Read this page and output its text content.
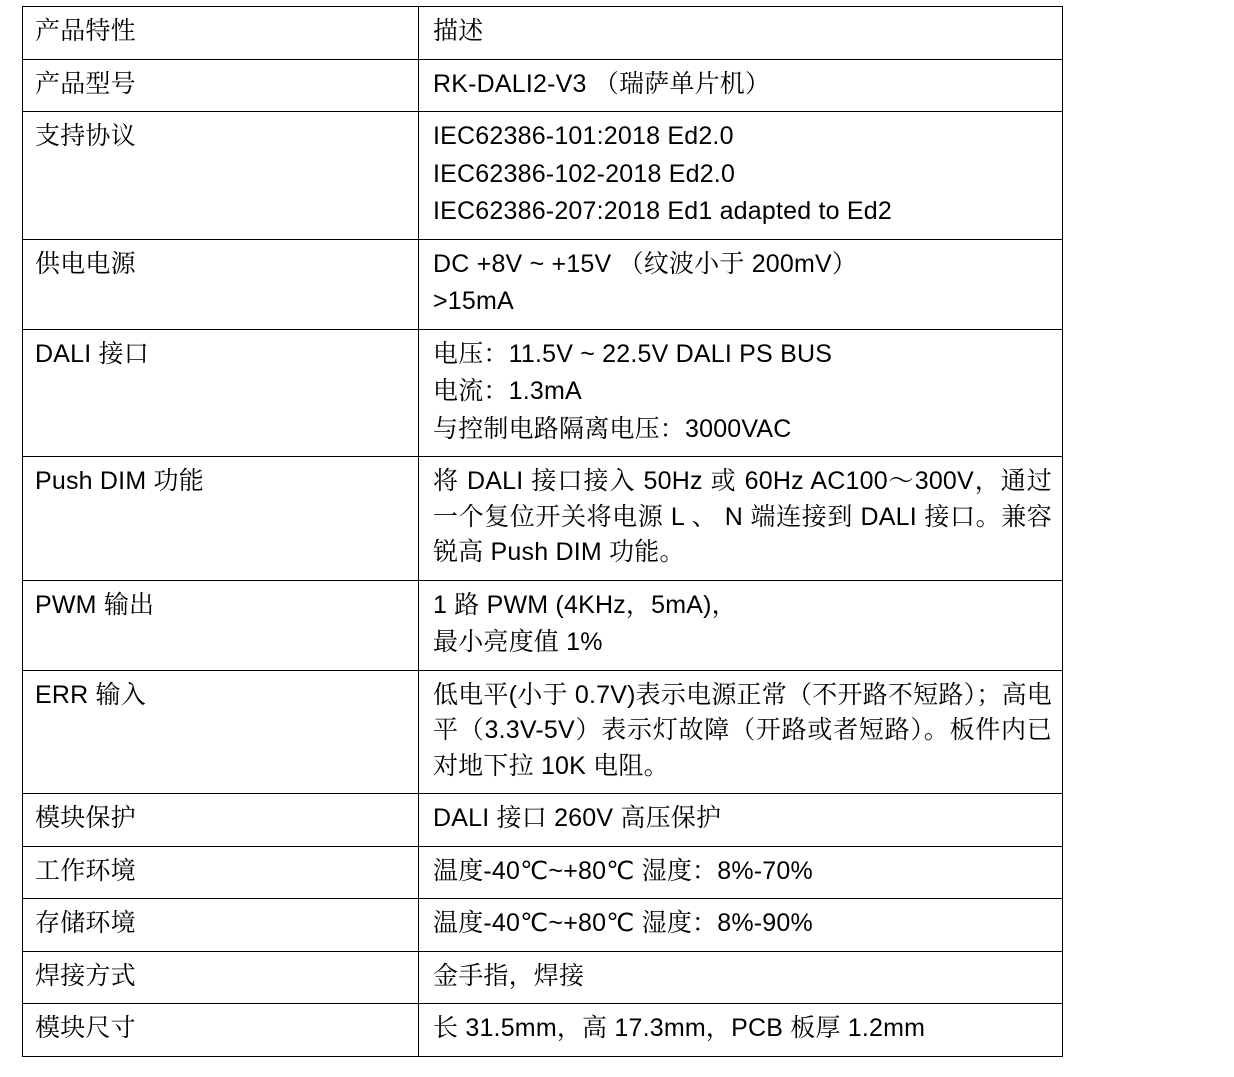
产品特性	描述
产品型号	RK-DALI2-V3 （瑞萨单片机）

支持协议	IEC62386-101:2018 Ed2.0

IEC62386-102-2018 Ed2.0

IEC62386-207:2018 Ed1 adapted to Ed2

供电电源	DC +8V ~ +15V （纹波小于 200mV）

>15mA

DALI 接口	电压：11.5V ~ 22.5V DALI PS BUS

电流：1.3mA

与控制电路隔离电压：3000VAC

Push DIM 功能	将 DALI 接口接入 50Hz 或 60Hz AC100～300V，通过一个复位开关将电源 L 、 N 端连接到 DALI 接口。兼容锐高 Push DIM 功能。

PWM 输出	1 路 PWM (4KHz，5mA)，

最小亮度值 1%

ERR 输入	低电平(小于 0.7V)表示电源正常（不开路不短路）；高电平（3.3V-5V）表示灯故障（开路或者短路）。板件内已对地下拉 10K 电阻。

模块保护	DALI 接口 260V 高压保护

工作环境	温度-40℃~+80℃ 湿度：8%-70%

存储环境	温度-40℃~+80℃ 湿度：8%-90%

焊接方式	金手指，焊接

模块尺寸	长 31.5mm，高 17.3mm，PCB 板厚 1.2mm
